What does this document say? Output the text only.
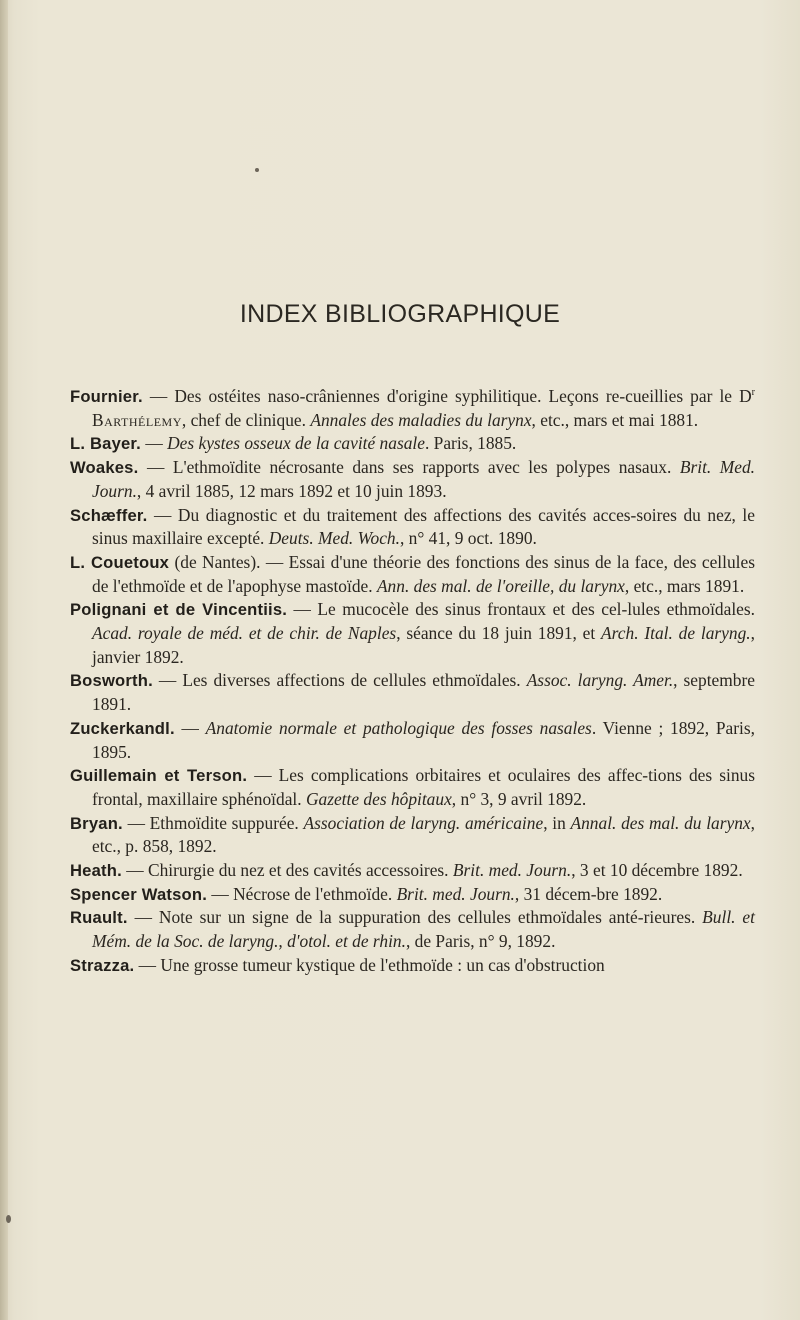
INDEX BIBLIOGRAPHIQUE

Fournier. — Des ostéites naso-crâniennes d'origine syphilitique. Leçons re-cueillies par le $D^r$ Barthélemy, chef de clinique. Annales des maladies du larynx, etc., mars et mai 1881.

L. Bayer. — Des kystes osseux de la cavité nasale. Paris, 1885.

Woakes. — L'ethmoïdite nécrosante dans ses rapports avec les polypes nasaux. Brit. Med. Journ., 4 avril 1885, 12 mars 1892 et 10 juin 1893.

Schæffer. — Du diagnostic et du traitement des affections des cavités acces-soires du nez, le sinus maxillaire excepté. Deuts. Med. Woch., n° 41, 9 oct. 1890.

L. Couetoux (de Nantes). — Essai d'une théorie des fonctions des sinus de la face, des cellules de l'ethmoïde et de l'apophyse mastoïde. Ann. des mal. de l'oreille, du larynx, etc., mars 1891.

Polignani et de Vincentiis. — Le mucocèle des sinus frontaux et des cel-lules ethmoïdales. Acad. royale de méd. et de chir. de Naples, séance du 18 juin 1891, et Arch. Ital. de laryng., janvier 1892.

Bosworth. — Les diverses affections de cellules ethmoïdales. Assoc. laryng. Amer., septembre 1891.

Zuckerkandl. — Anatomie normale et pathologique des fosses nasales. Vienne ; 1892, Paris, 1895.

Guillemain et Terson. — Les complications orbitaires et oculaires des affec-tions des sinus frontal, maxillaire sphénoïdal. Gazette des hôpitaux, n° 3, 9 avril 1892.

Bryan. — Ethmoïdite suppurée. Association de laryng. américaine, in Annal. des mal. du larynx, etc., p. 858, 1892.

Heath. — Chirurgie du nez et des cavités accessoires. Brit. med. Journ., 3 et 10 décembre 1892.

Spencer Watson. — Nécrose de l'ethmoïde. Brit. med. Journ., 31 décem-bre 1892.

Ruault. — Note sur un signe de la suppuration des cellules ethmoïdales anté-rieures. Bull. et Mém. de la Soc. de laryng., d'otol. et de rhin., de Paris, n° 9, 1892.

Strazza. — Une grosse tumeur kystique de l'ethmoïde : un cas d'obstruction
